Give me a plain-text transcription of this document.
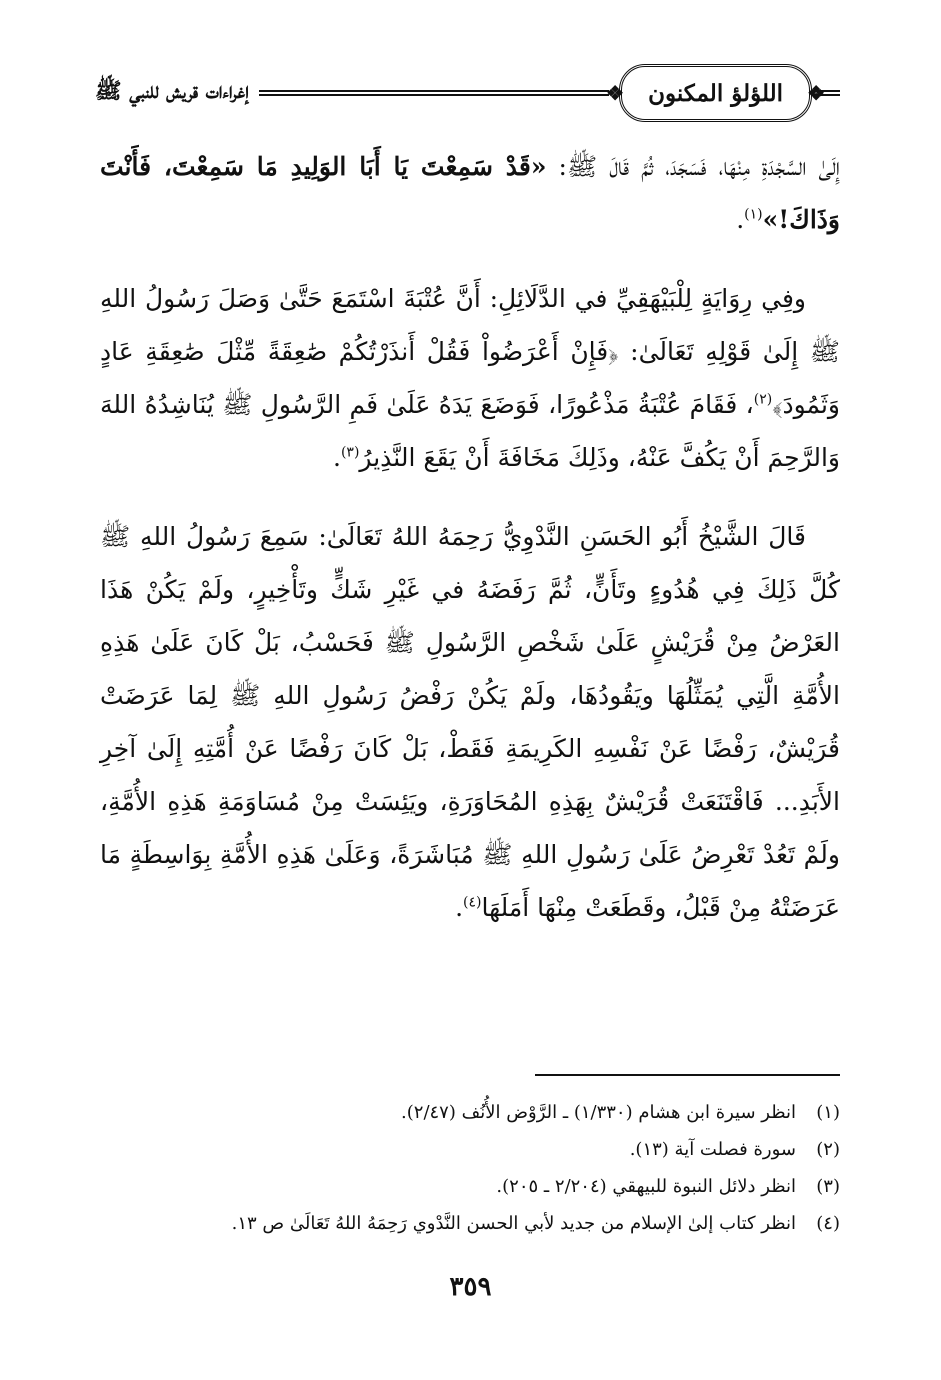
❖
اللؤلؤ المكنون
❖
إغراءات قريش للنبي ﷺ

إِلَىٰ السَّجْدَةِ مِنْهَا، فَسَجَدَ، ثُمَّ قَالَ ﷺ: «قَدْ سَمِعْتَ يَا أَبَا الوَلِيدِ مَا سَمِعْتَ، فَأَنْتَ وَذَاكَ!»$^{(١)}$.

وفِي رِوَايَةٍ لِلْبَيْهَقِيِّ في الدَّلَائِلِ: أَنَّ عُتْبَةَ اسْتَمَعَ حَتَّىٰ وَصَلَ رَسُولُ اللهِ ﷺ إِلَىٰ قَوْلِهِ تَعَالَىٰ: ﴿فَإِنْ أَعْرَضُواْ فَقُلْ أَنذَرْتُكُمْ صَٰعِقَةً مِّثْلَ صَٰعِقَةِ عَادٍ وَثَمُودَ﴾$^{(٢)}$، فَقَامَ عُتْبَةُ مَذْعُورًا، فَوَضَعَ يَدَهُ عَلَىٰ فَمِ الرَّسُولِ ﷺ يُنَاشِدُهُ اللهَ وَالرَّحِمَ أَنْ يَكُفَّ عَنْهُ، وذَلِكَ مَخَافَةَ أَنْ يَقَعَ النَّذِيرُ$^{(٣)}$.

قَالَ الشَّيْخُ أَبُو الحَسَنِ النَّدْوِيُّ رَحِمَهُ اللهُ تَعَالَىٰ: سَمِعَ رَسُولُ اللهِ ﷺ كُلَّ ذَلِكَ فِي هُدُوءٍ وتَأَنٍّ، ثُمَّ رَفَضَهُ في غَيْرِ شَكٍّ وتَأْخِيرٍ، ولَمْ يَكُنْ هَذَا العَرْضُ مِنْ قُرَيْشٍ عَلَىٰ شَخْصِ الرَّسُولِ ﷺ فَحَسْبُ، بَلْ كَانَ عَلَىٰ هَذِهِ الأُمَّةِ الَّتِي يُمَثِّلُهَا ويَقُودُهَا، ولَمْ يَكُنْ رَفْضُ رَسُولِ اللهِ ﷺ لِمَا عَرَضَتْ قُرَيْشٌ، رَفْضًا عَنْ نَفْسِهِ الكَرِيمَةِ فَقَطْ، بَلْ كَانَ رَفْضًا عَنْ أُمَّتِهِ إِلَىٰ آخِرِ الأَبَدِ... فَاقْتَنَعَتْ قُرَيْشٌ بِهَذِهِ المُحَاوَرَةِ، ويَئِسَتْ مِنْ مُسَاوَمَةِ هَذِهِ الأُمَّةِ، ولَمْ تَعُدْ تَعْرِضُ عَلَىٰ رَسُولِ اللهِ ﷺ مُبَاشَرَةً، وَعَلَىٰ هَذِهِ الأُمَّةِ بِوَاسِطَةٍ مَا عَرَضَتْهُ مِنْ قَبْلُ، وقَطَعَتْ مِنْهَا أَمَلَهَا$^{(٤)}$.

(١)
انظر سيرة ابن هشام (١/٣٣٠) ـ الرَّوْض الأُنُف (٢/٤٧).
(٢)
سورة فصلت آية (١٣).
(٣)
انظر دلائل النبوة للبيهقي (٢/٢٠٤ ـ ٢٠٥).
(٤)
انظر كتاب إلىٰ الإسلام من جديد لأبي الحسن النَّدْوي رَحِمَهُ اللهُ تَعَالَىٰ ص ١٣.
٣٥٩
